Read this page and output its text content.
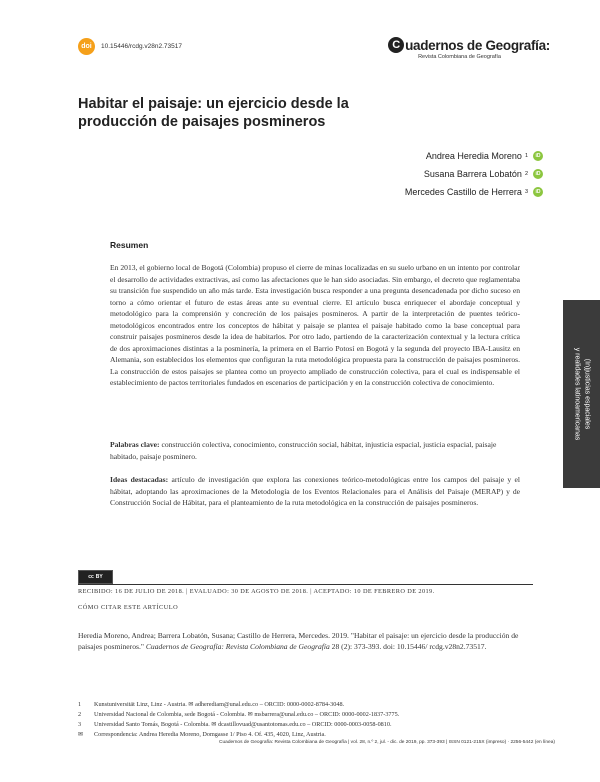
doi	10.15446/rcdg.v28n2.73517	C uadernos de Geografía:
Revista Colombiana de Geografía
Habitar el paisaje: un ejercicio desde la producción de paisajes posmineros
Andrea Heredia Moreno 1	iD
Susana Barrera Lobatón 2	iD
Mercedes Castillo de Herrera 3	iD
Resumen
En 2013, el gobierno local de Bogotá (Colombia) propuso el cierre de minas localizadas en su suelo urbano en un intento por controlar el desarrollo de actividades extractivas, así como las afectaciones que le han sido asociadas. Sin embargo, el decreto que reglamentaba su transición fue suspendido un año más tarde. Esta investigación busca responder a una pregunta desencadenada por dicho suceso en torno a cómo orientar el futuro de estas áreas ante su eventual cierre. El artículo busca enriquecer el abordaje conceptual y metodológico para la comprensión y concreción de los paisajes posmineros. A partir de la interpretación de puentes teórico-metodológicos encontrados entre los conceptos de hábitat y paisaje se plantea el paisaje habitado como la base conceptual para construir paisajes posmineros desde la idea de habitarlos. Por otro lado, partiendo de la caracterización contextual y la lectura crítica de dos aproximaciones distintas a la posminería, la primera en el Barrio Potosí en Bogotá y la segunda del proyecto IBA-Lausitz en Alemania, son establecidos los elementos que configuran la ruta metodológica propuesta para la construcción de paisajes posmineros. La construcción de estos paisajes se plantea como un proyecto ampliado de construcción colectiva, para el cual es indispensable el establecimiento de pactos territoriales fundados en escenarios de participación y en la construcción colectiva de conocimiento.
Palabras clave: construcción colectiva, conocimiento, construcción social, hábitat, injusticia espacial, justicia espacial, paisaje habitado, paisaje posminero.
Ideas destacadas: artículo de investigación que explora las conexiones teórico-metodológicas entre los campos del paisaje y el hábitat, adoptando las aproximaciones de la Metodología de los Eventos Relacionales para el Análisis del Paisaje (MERAP) y de Construcción Social de Hábitat, para el planteamiento de la ruta metodológica en la construcción de paisajes posmineros.
(In)justicias espaciales
y realidades latinoamericanas
cc BY
RECIBIDO: 16 DE JULIO DE 2018. | EVALUADO: 30 DE AGOSTO DE 2018. | ACEPTADO: 10 DE FEBRERO DE 2019.
CÓMO CITAR ESTE ARTÍCULO
Heredia Moreno, Andrea; Barrera Lobatón, Susana; Castillo de Herrera, Mercedes. 2019. "Habitar el paisaje: un ejercicio desde la producción de paisajes posmineros." Cuadernos de Geografía: Revista Colombiana de Geografía 28 (2): 373-393. doi: 10.15446/ rcdg.v28n2.73517.
1	Kunstuniversität Linz, Linz - Austria. ✉ adherediam@unal.edu.co – ORCID: 0000-0002-8784-3048.
2	Universidad Nacional de Colombia, sede Bogotá - Colombia. ✉ msbarrera@unal.edu.co – ORCID: 0000-0002-1837-3775.
3	Universidad Santo Tomás, Bogotá - Colombia. ✉ dcastillovuad@usantotomas.edu.co – ORCID: 0000-0003-0058-0810.
✉	Correspondencia: Andrea Heredia Moreno, Domgasse 1/ Piso 4. Of. 435, 4020, Linz, Austria.
Cuadernos de Geografía: Revista Colombiana de Geografía | vol. 28, n.º 2, jul. - dic. de 2019, pp. 373-393 | ISSN 0121-215X (impreso) · 2256-5442 (en línea)
